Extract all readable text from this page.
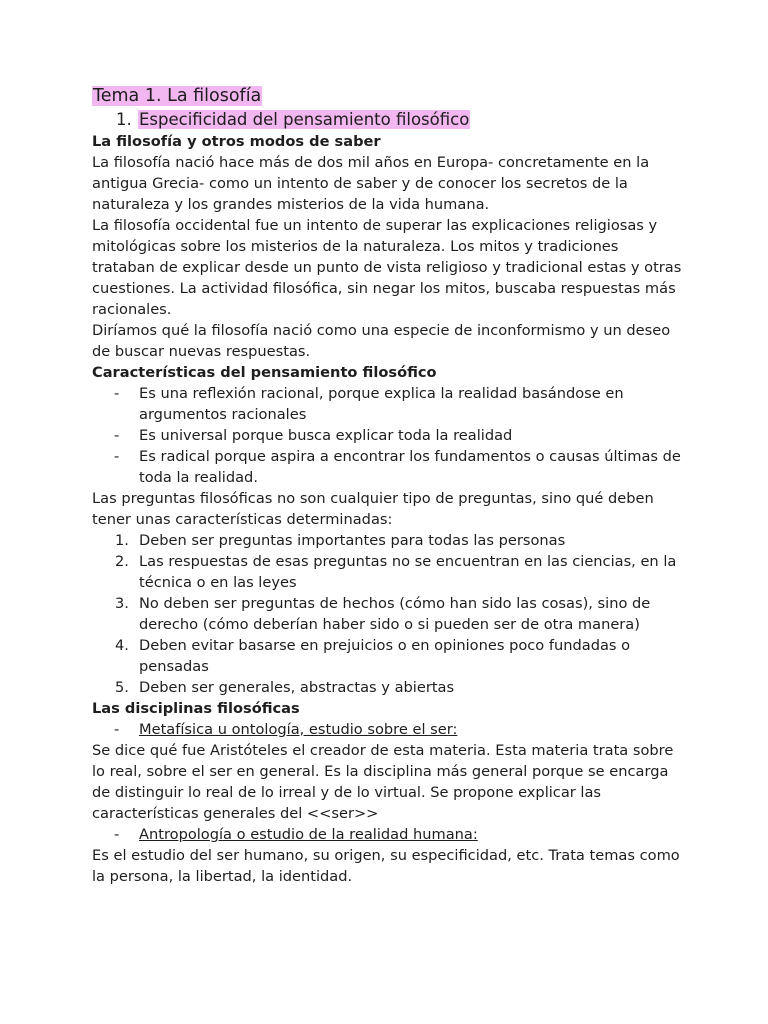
Tema 1. La filosofía
1. Especificidad del pensamiento filosófico
La filosofía y otros modos de saber

La filosofía nació hace más de dos mil años en Europa- concretamente en la antigua Grecia- como un intento de saber y de conocer los secretos de la naturaleza y los grandes misterios de la vida humana.

La filosofía occidental fue un intento de superar las explicaciones religiosas y mitológicas sobre los misterios de la naturaleza. Los mitos y tradiciones trataban de explicar desde un punto de vista religioso y tradicional estas y otras cuestiones. La actividad filosófica, sin negar los mitos, buscaba respuestas más racionales.

Diríamos qué la filosofía nació como una especie de inconformismo y un deseo de buscar nuevas respuestas.

Características del pensamiento filosófico
- Es una reflexión racional, porque explica la realidad basándose en argumentos racionales
- Es universal porque busca explicar toda la realidad
- Es radical porque aspira a encontrar los fundamentos o causas últimas de toda la realidad.

Las preguntas filosóficas no son cualquier tipo de preguntas, sino qué deben tener unas características determinadas:

1. Deben ser preguntas importantes para todas las personas
2. Las respuestas de esas preguntas no se encuentran en las ciencias, en la técnica o en las leyes
3. No deben ser preguntas de hechos (cómo han sido las cosas), sino de derecho (cómo deberían haber sido o si pueden ser de otra manera)
4. Deben evitar basarse en prejuicios o en opiniones poco fundadas o pensadas
5. Deben ser generales, abstractas y abiertas
Las disciplinas filosóficas
- Metafísica u ontología, estudio sobre el ser:

Se dice qué fue Aristóteles el creador de esta materia. Esta materia trata sobre lo real, sobre el ser en general. Es la disciplina más general porque se encarga de distinguir lo real de lo irreal y de lo virtual. Se propone explicar las características generales del <<ser>>

- Antropología o estudio de la realidad humana:

Es el estudio del ser humano, su origen, su especificidad, etc. Trata temas como la persona, la libertad, la identidad.
